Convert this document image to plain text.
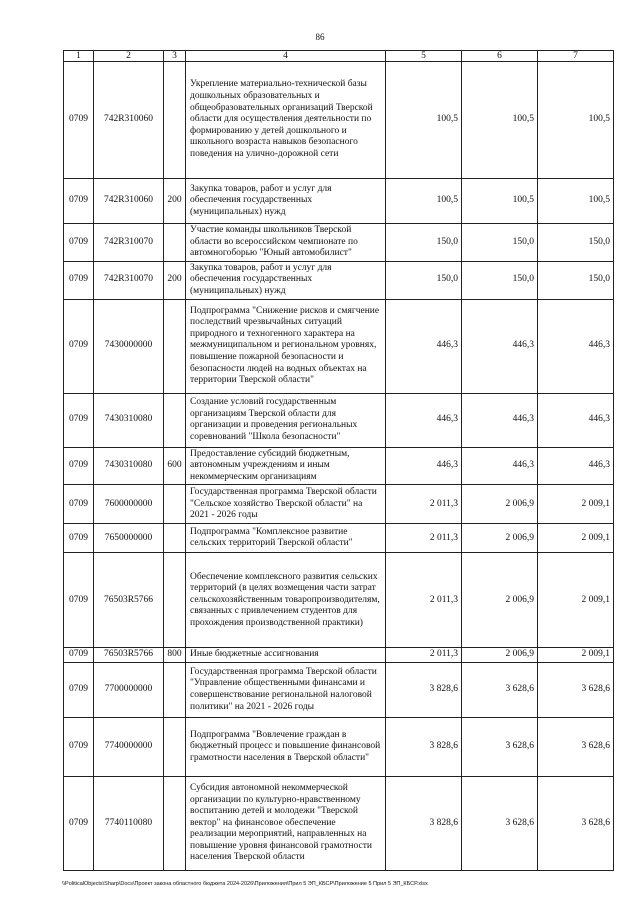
86
1	2	3	4	5	6	7
0709	742R310060		Укрепление материально-технической базы дошкольных образовательных и общеобразовательных организаций Тверской области для осуществления деятельности по формированию у детей дошкольного и школьного возраста навыков безопасного поведения на улично-дорожной сети	100,5	100,5	100,5
0709	742R310060	200	Закупка товаров, работ и услуг для обеспечения государственных (муниципальных) нужд	100,5	100,5	100,5
0709	742R310070		Участие команды школьников Тверской области во всероссийском чемпионате по автомногоборью "Юный автомобилист"	150,0	150,0	150,0
0709	742R310070	200	Закупка товаров, работ и услуг для обеспечения государственных (муниципальных) нужд	150,0	150,0	150,0
0709	7430000000		Подпрограмма "Снижение рисков и смягчение последствий чрезвычайных ситуаций природного и техногенного характера на межмуниципальном и региональном уровнях, повышение пожарной безопасности и безопасности людей на водных объектах на территории Тверской области"	446,3	446,3	446,3
0709	7430310080		Создание условий государственным организациям Тверской области для организации и проведения региональных соревнований "Школа безопасности"	446,3	446,3	446,3
0709	7430310080	600	Предоставление субсидий бюджетным, автономным учреждениям и иным некоммерческим организациям	446,3	446,3	446,3
0709	7600000000		Государственная программа Тверской области "Сельское хозяйство Тверской области" на 2021 - 2026 годы	2 011,3	2 006,9	2 009,1
0709	7650000000		Подпрограмма "Комплексное развитие сельских территорий Тверской области"	2 011,3	2 006,9	2 009,1
0709	76503R5766		Обеспечение комплексного развития сельских территорий (в целях возмещения части затрат сельскохозяйственным товаропроизводителям, связанных с привлечением студентов для прохождения производственной практики)	2 011,3	2 006,9	2 009,1
0709	76503R5766	800	Иные бюджетные ассигнования	2 011,3	2 006,9	2 009,1
0709	7700000000		Государственная программа Тверской области "Управление общественными финансами и совершенствование региональной налоговой политики" на 2021 - 2026 годы	3 828,6	3 628,6	3 628,6
0709	7740000000		Подпрограмма "Вовлечение граждан в бюджетный процесс и повышение финансовой грамотности населения в Тверской области"	3 828,6	3 628,6	3 628,6
0709	7740110080		Субсидия автономной некоммерческой организации по культурно-нравственному воспитанию детей и молодежи "Тверской вектор" на финансовое обеспечение реализации мероприятий, направленных на повышение уровня финансовой грамотности населения Тверской области	3 828,6	3 628,6	3 628,6
\\PoliticalObjects\Sharp\Docs\Проект закона областного бюджета 2024-2026\Приложения\Прил 5 ЭП_КБСР\Приложение 5 Прил 5 ЭП_КБСР.xlsx
